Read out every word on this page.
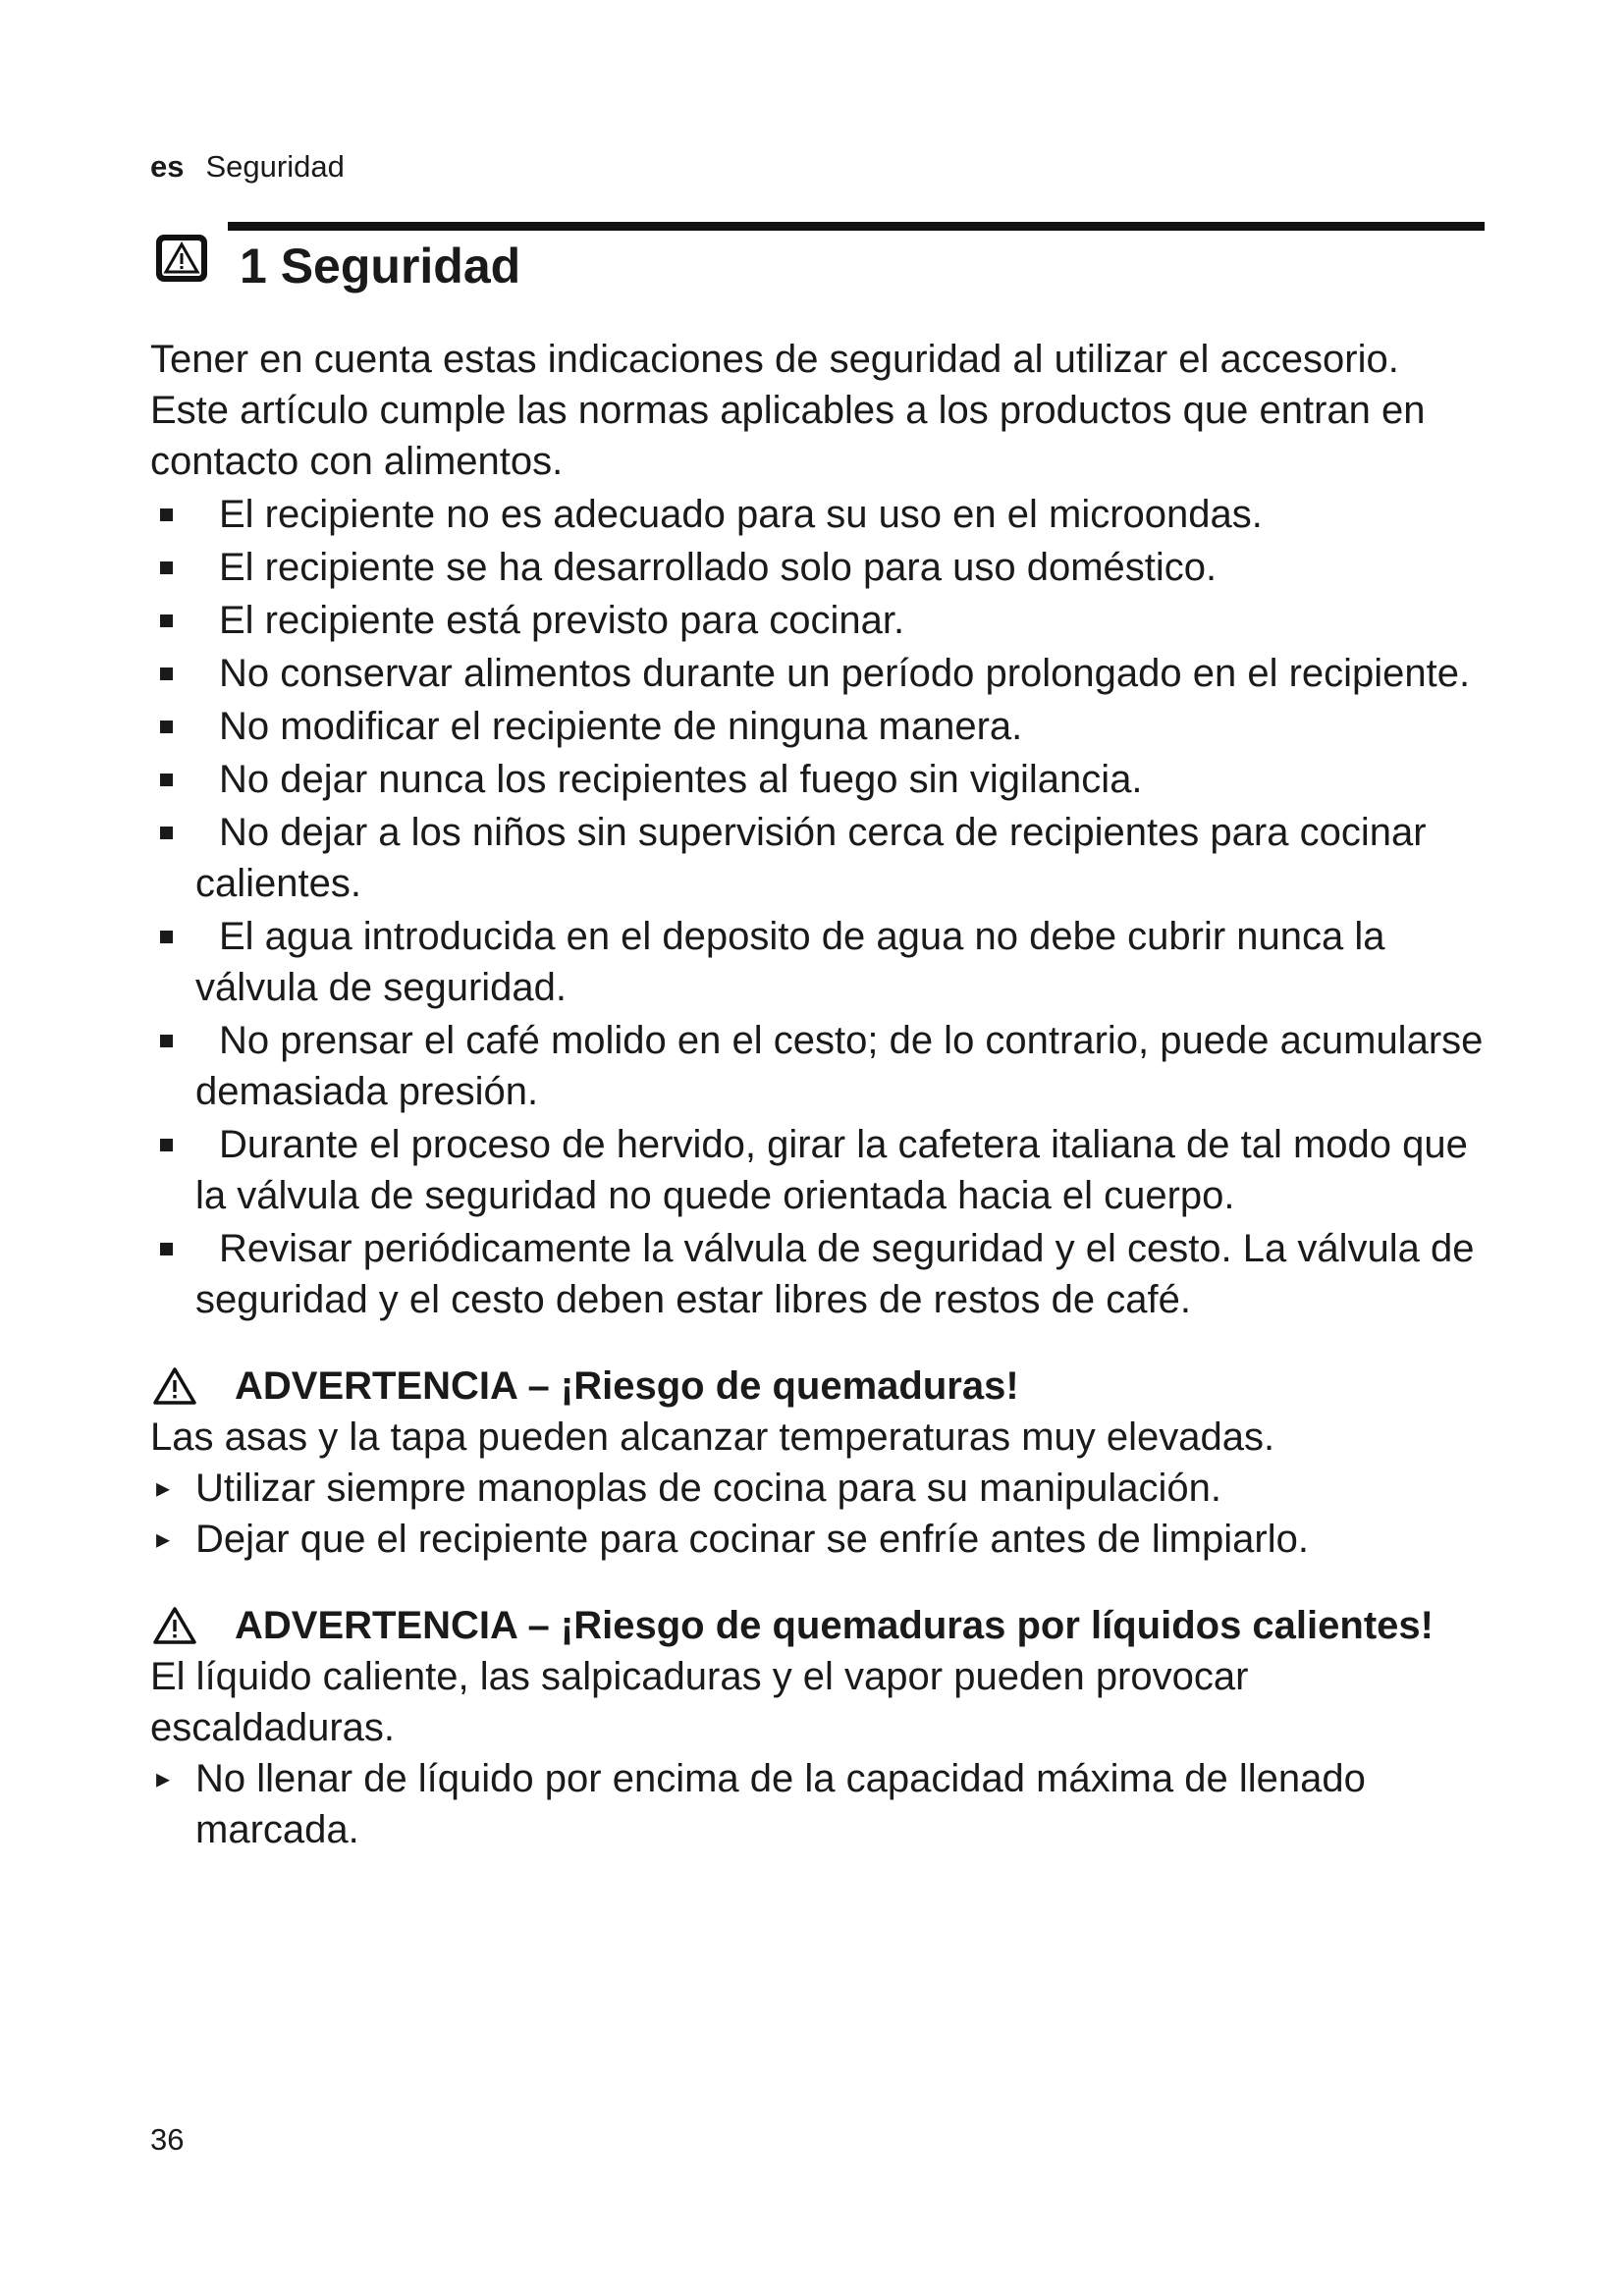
es Seguridad
1 Seguridad

Tener en cuenta estas indicaciones de seguridad al utilizar el accesorio.

Este artículo cumple las normas aplicables a los productos que entran en contacto con alimentos.

El recipiente no es adecuado para su uso en el microondas.
El recipiente se ha desarrollado solo para uso doméstico.
El recipiente está previsto para cocinar.
No conservar alimentos durante un período prolongado en el recipiente.
No modificar el recipiente de ninguna manera.
No dejar nunca los recipientes al fuego sin vigilancia.
No dejar a los niños sin supervisión cerca de recipientes para cocinar calientes.
El agua introducida en el deposito de agua no debe cubrir nunca la válvula de seguridad.
No prensar el café molido en el cesto; de lo contrario, puede acumularse demasiada presión.
Durante el proceso de hervido, girar la cafetera italiana de tal modo que la válvula de seguridad no quede orientada hacia el cuerpo.
Revisar periódicamente la válvula de seguridad y el cesto. La válvula de seguridad y el cesto deben estar libres de restos de café.
ADVERTENCIA – ¡Riesgo de quemaduras!

Las asas y la tapa pueden alcanzar temperaturas muy elevadas.

▸ Utilizar siempre manoplas de cocina para su manipulación.
▸ Dejar que el recipiente para cocinar se enfríe antes de limpiarlo.
ADVERTENCIA – ¡Riesgo de quemaduras por líquidos calientes!

El líquido caliente, las salpicaduras y el vapor pueden provocar escaldaduras.

▸ No llenar de líquido por encima de la capacidad máxima de llenado marcada.
36
